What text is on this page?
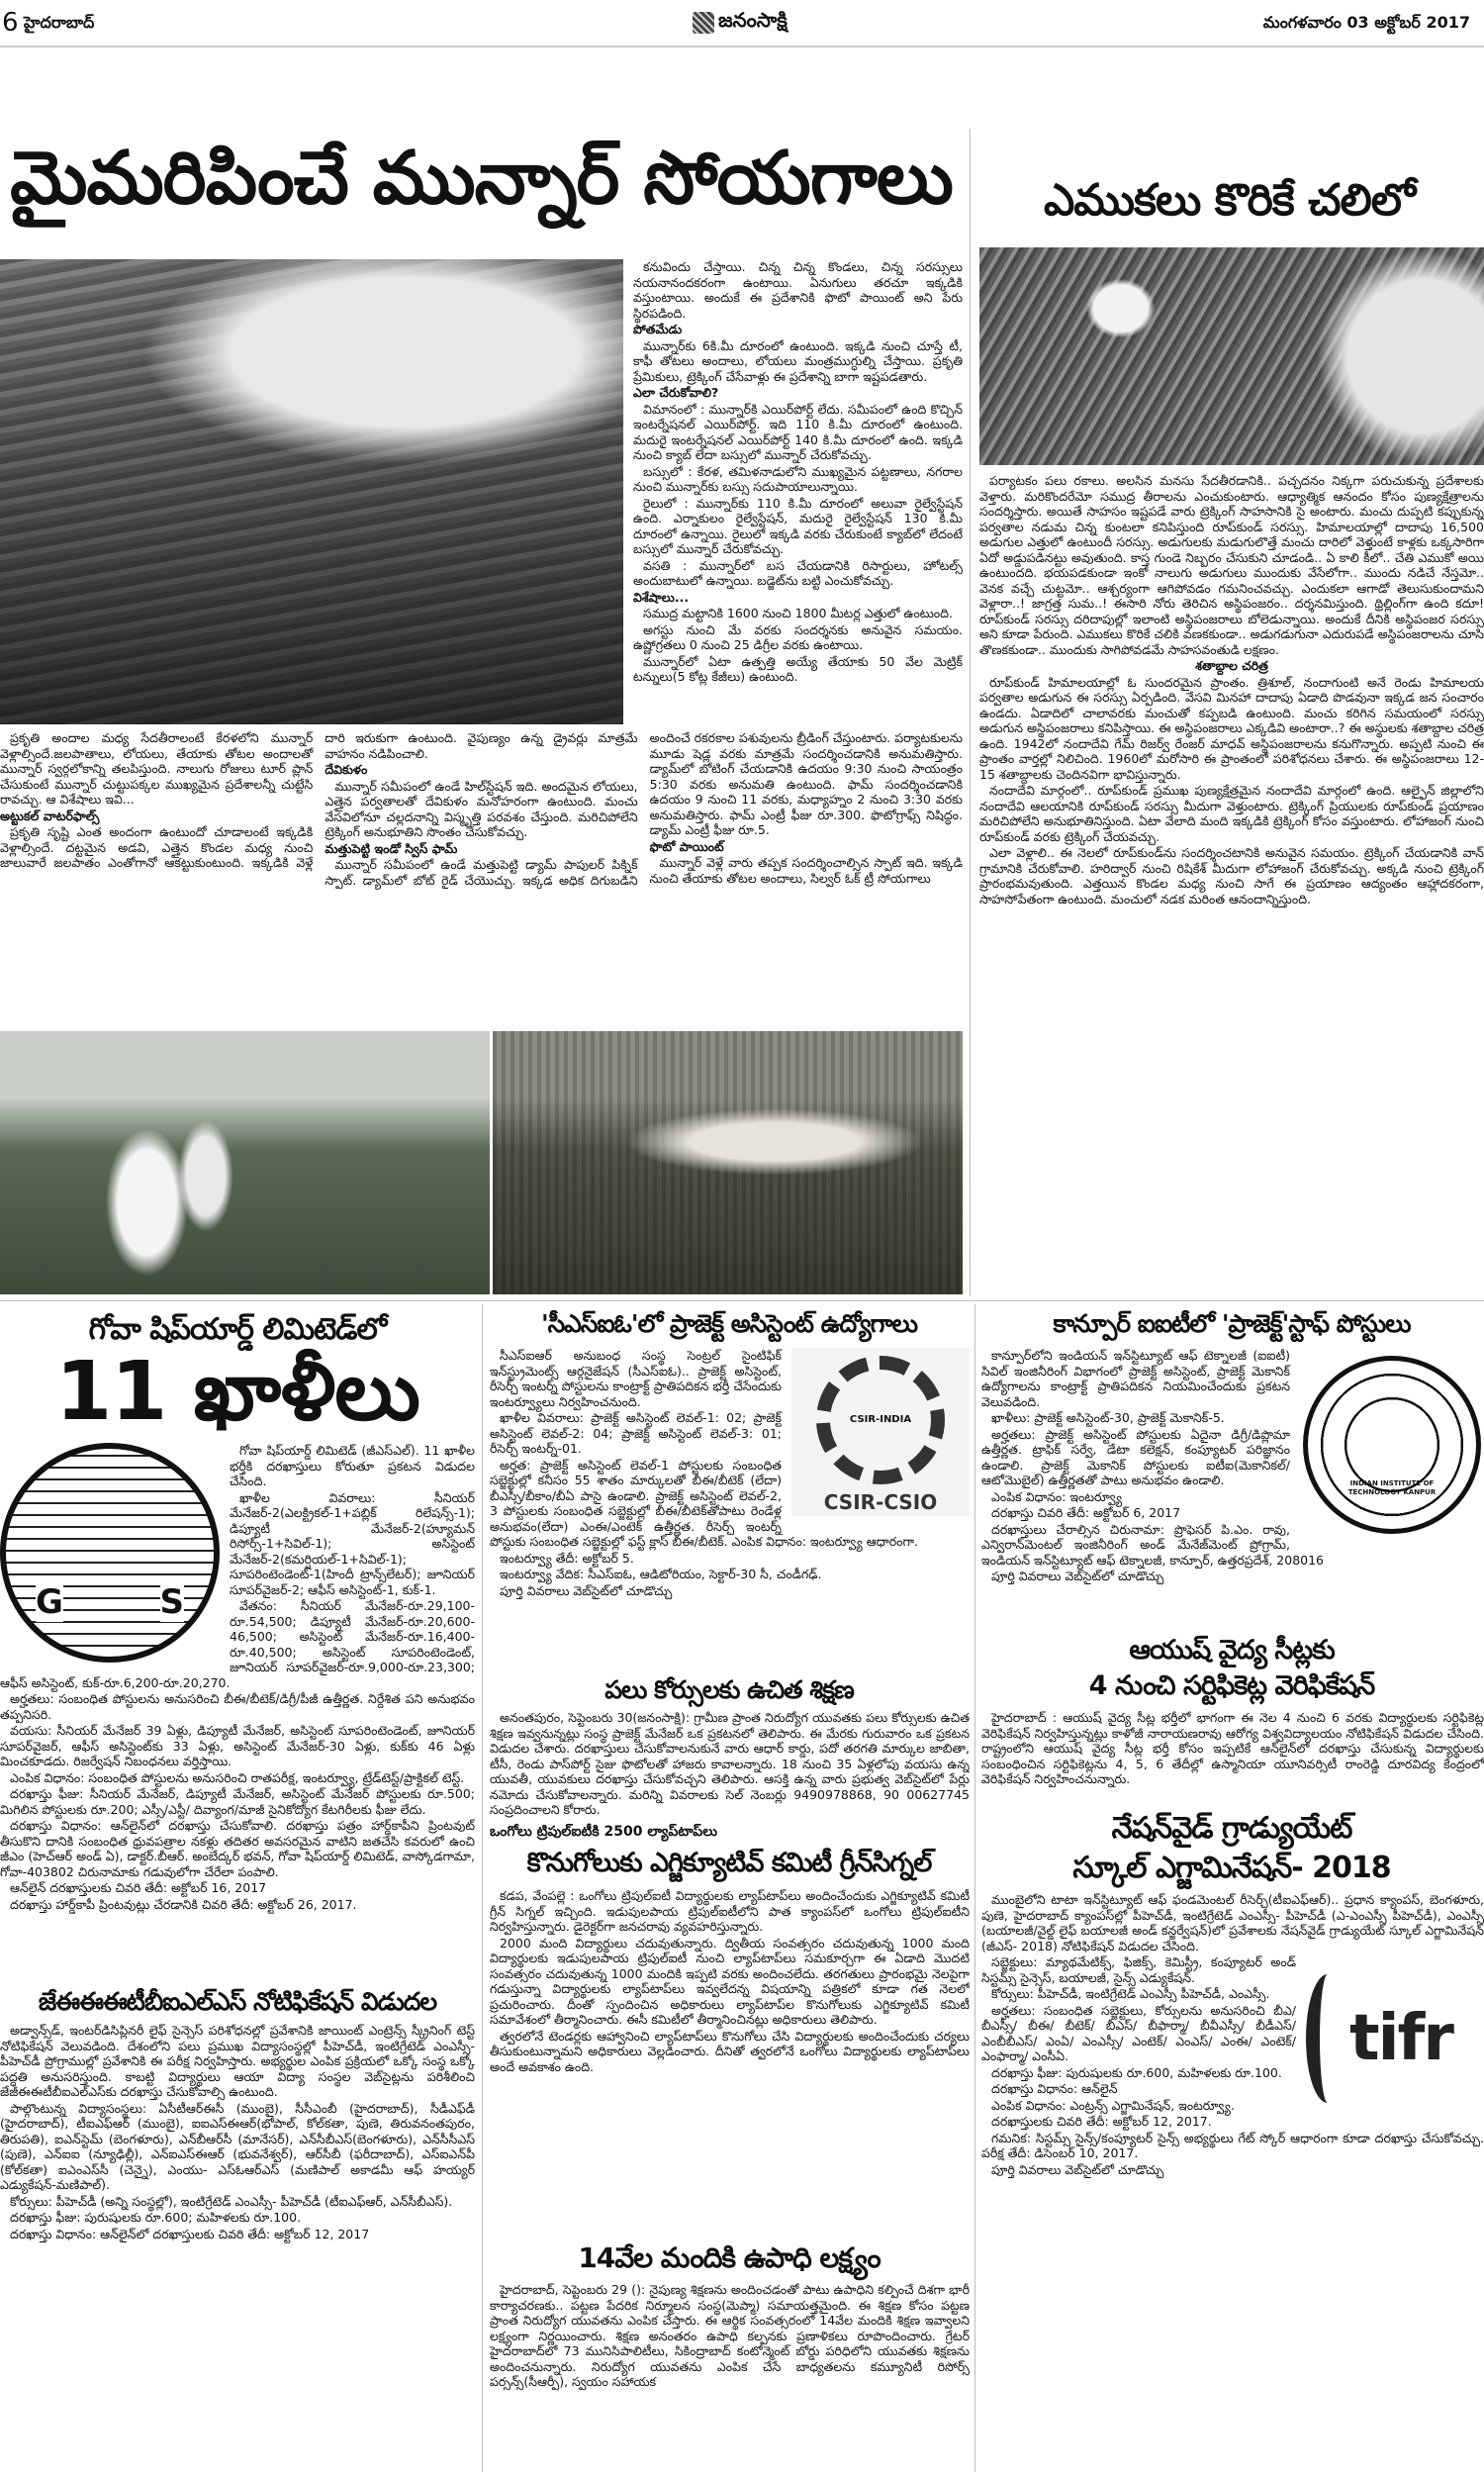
6 హైదరాబాద్	జనంసాక్షి	మంగళవారం 03 అక్టోబర్ 2017
మైమరిపించే మున్నార్ సోయగాలు

కనువిందు చేస్తాయి. చిన్న చిన్న కొండలు, చిన్న సరస్సులు నయనానందకరంగా ఉంటాయి. ఏనుగులు తరచూ ఇక్కడికి వస్తుంటాయి. అందుకే ఈ ప్రదేశానికి ఫొటో పాయింట్ అని పేరు స్థిరపడింది.

పోతమేడు

మున్నార్‌కు 6కి.మీ దూరంలో ఉంటుంది. ఇక్కడి నుంచి చూస్తే టీ, కాఫీ తోటలు అందాలు, లోయలు మంత్రముగ్ధుల్ని చేస్తాయి. ప్రకృతి ప్రేమికులు, ట్రెక్కింగ్ చేసేవాళ్లు ఈ ప్రదేశాన్ని బాగా ఇష్టపడతారు.

ఎలా చేరుకోవాలి?

విమానంలో : మున్నార్‌కి ఎయిర్‌పోర్ట్ లేదు. సమీపంలో ఉంది కొచ్చిన్ ఇంటర్నేషనల్ ఎయిర్‌పోర్ట్. ఇది 110 కి.మీ దూరంలో ఉంటుంది. మదురై ఇంటర్నేషనల్ ఎయిర్‌పోర్ట్ 140 కి.మీ దూరంలో ఉంది. ఇక్కడి నుంచి క్యాబ్ లేదా బస్సులో మున్నార్ చేరుకోవచ్చు.

బస్సులో : కేరళ, తమిళనాడులోని ముఖ్యమైన పట్టణాలు, నగరాల నుంచి మున్నార్‌కు బస్సు సదుపాయాలున్నాయి.

రైలులో : మున్నార్‌కు 110 కి.మీ దూరంలో అలువా రైల్వేస్టేషన్ ఉంది. ఎర్నాకులం రైల్వేస్టేషన్, మదురై రైల్వేస్టేషన్ 130 కి.మీ దూరంలో ఉన్నాయి. రైలులో ఇక్కడి వరకు చేరుకుంటే క్యాబ్‌లో లేదంటే బస్సులో మున్నార్ చేరుకోవచ్చు.

వసతి : మున్నార్‌లో బస చేయడానికి రిసార్టులు, హోటల్స్ అందుబాటులో ఉన్నాయి. బడ్జెట్‌ను బట్టి ఎంచుకోవచ్చు.

విశేషాలు...

సముద్ర మట్టానికి 1600 నుంచి 1800 మీటర్ల ఎత్తులో ఉంటుంది.

అగస్టు నుంచి మే వరకు సందర్శనకు అనువైన సమయం. ఉష్ణోగ్రతలు 0 నుంచి 25 డిగ్రీల వరకు ఉంటాయి.

మున్నార్‌లో ఏటా ఉత్పత్తి అయ్యే తేయాకు 50 వేల మెట్రిక్ టన్నులు(5 కోట్ల కేజీలు) ఉంటుంది.

ప్రకృతి అందాల మధ్య సేదతీరాలంటే కేరళలోని మున్నార్ వెళ్లాల్సిందే.జలపాతాలు, లోయలు, తేయాకు తోటల అందాలతో మున్నార్ స్వర్గలోకాన్ని తలపిస్తుంది. నాలుగు రోజులు టూర్ ప్లాన్ చేసుకుంటే మున్నార్ చుట్టుపక్కల ముఖ్యమైన ప్రదేశాలన్నీ చుట్టేసి రావచ్చు. ఆ విశేషాలు ఇవి...

అట్టుకల్ వాటర్‌ఫాల్స్

ప్రకృతి సృష్టి ఎంత అందంగా ఉంటుందో చూడాలంటే ఇక్కడికి వెళ్లాల్సిందే. దట్టమైన అడవి, ఎత్తైన కొండల మధ్య నుంచి జాలువారే జలపాతం ఎంతోగానో ఆకట్టుకుంటుంది. ఇక్కడికి వెళ్లే దారి ఇరుకుగా ఉంటుంది. వైపుణ్యం ఉన్న డ్రైవర్లు మాత్రమే వాహనం నడిపించాలి.

దేవికుళం

మున్నార్ సమీపంలో ఉండే హిల్‌స్టేషన్ ఇది. అందమైన లోయలు, ఎత్తైన పర్వతాలతో దేవికుళం మనోహరంగా ఉంటుంది. మంచు వేసవిలోనూ చల్లదనాన్ని విస్మృత్తి పరవశం చేస్తుంది. మరిచిపోలేని ట్రెక్కింగ్ అనుభూతిని సొంతం చేసుకోవచ్చు.

మత్తుపెట్టి ఇండో స్విస్ ఫామ్

మున్నార్ సమీపంలో ఉండే మత్తుపెట్టి డ్యామ్ పాపులర్ పిక్నిక్ స్పాట్. డ్యామ్‌లో బోట్ రైడ్ చేయొచ్చు. ఇక్కడ అధిక దిగుబడిని అందించే రకరకాల పశువులను బ్రీడింగ్ చేస్తుంటారు. పర్యాటకులను మూడు షెడ్ల వరకు మాత్రమే సందర్శించడానికి అనుమతిస్తారు. డ్యామ్‌లో బోటింగ్ చేయడానికి ఉదయం 9:30 నుంచి సాయంత్రం 5:30 వరకు అనుమతి ఉంటుంది. ఫామ్ సందర్శించడానికి ఉదయం 9 నుంచి 11 వరకు, మధ్యాహ్నం 2 నుంచి 3:30 వరకు అనుమతిస్తారు. ఫామ్ ఎంట్రీ ఫీజు రూ.300. ఫొటోగ్రాఫ్స్ నిషిద్ధం. డ్యామ్ ఎంట్రీ ఫీజు రూ.5.

ఫొటో పాయింట్

మున్నార్ వెళ్లే వారు తప్పక సందర్శించాల్సిన స్పాట్ ఇది. ఇక్కడి నుంచి తేయాకు తోటల అందాలు, సిల్వర్ ఓక్ ట్రీ సోయగాలు

ఎముకలు కొరికే చలిలో

పర్యాటకం పలు రకాలు. అలసిన మనసు సేదతీరడానికి.. పచ్చదనం నిక్కగా పరుచుకున్న ప్రదేశాలకు వెళ్తారు. మరికొందరేమో సముద్ర తీరాలను ఎంచుకుంటారు. ఆధ్యాత్మిక ఆనందం కోసం పుణ్యక్షేత్రాలను సందర్శిస్తారు. అయితే సాహసం ఇష్టపడే వారు ట్రెక్కింగ్ సాహసానికి సై అంటారు. మంచు దుప్పటి కప్పుకున్న పర్వతాల నడుమ చిన్న కుంటలా కనిపిస్తుంది రూప్‌కుండ్ సరస్సు. హిమాలయాల్లో దాదాపు 16,500 అడుగుల ఎత్తులో ఉంటుందీ సరస్సు. అడుగులకు మడుగులొత్తే మంచు దారిలో వెళ్తుంటే కాళ్లకు ఒక్కసారిగా ఏదో అడ్డుపడినట్టు అవుతుంది. కాస్త గుండె నిబ్బరం చేసుకుని చూడండి.. ఏ కాలి కీలో.. చేతి ఎముకో అయి ఉంటుందది. భయపడకుండా ఇంకో నాలుగు అడుగులు ముందుకు వేసేలోగా.. ముందు నడిచే నేస్తమో.. వెనక వచ్చే చుట్టమో.. ఆశ్చర్యంగా ఆగిపోవడం గమనించవచ్చు. ఎందుకలా ఆగాడో తెలుసుకుందామని వెళ్లారా..! జాగ్రత్త సుమ..! ఈసారి నోరు తెరిచిన అస్థిపంజరం.. దర్శనమిస్తుంది. థ్రిల్లింగ్‌గా ఉంది కదూ! రూప్‌కుండ్ సరస్సు దరిదాపుల్లో ఇలాంటి అస్థిపంజరాలు బోలెడున్నాయి. అందుకే దీనికి అస్థిపంజర సరస్సు అని కూడా పేరుంది. ఎముకలు కొరికే చలికి వణకకుండా.. అడుగడుగునా ఎదురుపడే అస్థిపంజరాలను చూసి తొణకకుండా.. ముందుకు సాగిపోవడమే సాహసవంతుడి లక్షణం.

శతాబ్దాల చరిత్ర

రూప్‌కుండ్ హిమాలయాల్లో ఓ సుందరమైన ప్రాంతం. త్రిశూల్, నందాగుంటి అనే రెండు హిమాలయ పర్వతాల అడుగున ఈ సరస్సు ఏర్పడింది. వేసవి మినహా దాదాపు ఏడాది పొడవునా ఇక్కడ జన సంచారం ఉండదు. ఏడాదిలో చాలావరకు మంచుతో కప్పబడి ఉంటుంది. మంచు కరిగిన సమయంలో సరస్సు అడుగున అస్థిపంజరాలు కనిపిస్తాయి. ఈ అస్థిపంజరాలు ఎక్కడివి అంటారా..? ఈ అస్థులకు శతాబ్దాల చరిత్ర ఉంది. 1942లో నందాదేవి గేమ్ రిజర్వ్ రేంజర్ మాధవ్ అస్థిపంజరాలను కనుగొన్నారు. అప్పటి నుంచి ఈ ప్రాంతం వార్తల్లో నిలిచింది. 1960లో మరోసారి ఈ ప్రాంతంలో పరిశోధనలు చేశారు. ఈ అస్థిపంజరాలు 12-15 శతాబ్దాలకు చెందినవిగా భావిస్తున్నారు.

నందాదేవి మార్గంలో.. రూప్‌కుండ్ ప్రముఖ పుణ్యక్షేత్రమైన నందాదేవి మార్గంలో ఉంది. ఆల్ఫైన్ జిల్లాలోని నందాదేవి ఆలయానికి రూప్‌కుండ్ సరస్సు మీదుగా వెళ్తుంటారు. ట్రెక్కింగ్ ప్రియులకు రూప్‌కుండ్ ప్రయాణం మరిచిపోలేని అనుభూతినిస్తుంది. ఏటా వేలాది మంది ఇక్కడికి ట్రెక్కింగ్ కోసం వస్తుంటారు. లోహాజంగ్ నుంచి రూప్‌కుండ్ వరకు ట్రెక్కింగ్ చేయవచ్చు.

ఎలా వెళ్లాలి.. ఈ నెలలో రూప్‌కుండ్‌ను సందర్శించటానికి అనువైన సమయం. ట్రెక్కింగ్ చేయడానికి వాన్ గ్రామానికి చేరుకోవాలి. హరిద్వార్ నుంచి రిషికేశ్ మీదుగా లోహాజంగ్ చేరుకోవచ్చు. అక్కడి నుంచి ట్రెక్కింగ్ ప్రారంభమవుతుంది. ఎత్తయిన కొండల మధ్య నుంచి సాగే ఈ ప్రయాణం ఆద్యంతం ఆహ్లాదకరంగా, సాహసోపేతంగా ఉంటుంది. మంచులో నడక మరింత ఆనందాన్నిస్తుంది.

గోవా షిప్‌యార్డ్ లిమిటెడ్‌లో
11 ఖాళీలు
G	S

గోవా షిప్‌యార్డ్ లిమిటెడ్ (జీఎస్ఎల్). 11 ఖాళీల భర్తీకి దరఖాస్తులు కోరుతూ ప్రకటన విడుదల చేసింది.

ఖాళీల వివరాలు: సీనియర్ మేనేజర్-2(ఎలక్ట్రికల్-1+పబ్లిక్ రిలేషన్స్-1); డిప్యూటీ మేనేజర్-2(హ్యూమన్ రిసోర్స్-1+సివిల్-1); అసిస్టెంట్ మేనేజర్-2(కమర్షియల్-1+సివిల్-1); సూపరింటెండెంట్-1(హిందీ ట్రాన్స్‌లేటర్); జూనియర్ సూపర్‌వైజర్-2; ఆఫీస్ అసిస్టెంట్-1, కుక్-1.

వేతనం: సీనియర్ మేనేజర్-రూ.29,100-రూ.54,500; డిప్యూటీ మేనేజర్-రూ.20,600-46,500; అసిస్టెంట్ మేనేజర్-రూ.16,400-రూ.40,500; అసిస్టెంట్ సూపరింటెండెంట్, జూనియర్ సూపర్‌వైజర్-రూ.9,000-రూ.23,300; ఆఫీస్ అసిస్టెంట్, కుక్-రూ.6,200-రూ.20,270.

అర్హతలు: సంబంధిత పోస్టులను అనుసరించి బీఈ/బీటెక్/డిగ్రీ/పీజీ ఉత్తీర్ణత. నిర్దేశిత పని అనుభవం తప్పనిసరి.

వయసు: సీనియర్ మేనేజర్ 39 ఏళ్లు, డిప్యూటీ మేనేజర్, అసిస్టెంట్ సూపరింటెండెంట్, జూనియర్ సూపర్‌వైజర్, ఆఫీస్ అసిస్టెంట్‌కు 33 ఏళ్లు, అసిస్టెంట్ మేనేజర్-30 ఏళ్లు, కుక్‌కు 46 ఏళ్లు మించకూడదు. రిజర్వేషన్ నిబంధనలు వర్తిస్తాయి.

ఎంపిక విధానం: సంబంధిత పోస్టులను అనుసరించి రాతపరీక్ష, ఇంటర్వ్యూ, ట్రేడ్‌టెస్ట్/ప్రాక్టికల్ టెస్ట్.

దరఖాస్తు ఫీజు: సీనియర్ మేనేజర్, డిప్యూటీ మేనేజర్, అసిస్టెంట్ మేనేజర్ పోస్టులకు రూ.500; మిగిలిన పోస్టులకు రూ.200; ఎస్సీ/ఎస్టీ/ దివ్యాంగ/మాజీ సైనికోద్యోగ కేటగిరీలకు ఫీజు లేదు.

దరఖాస్తు విధానం: ఆన్‌లైన్‌లో దరఖాస్తు చేసుకోవాలి. దరఖాస్తు పత్రం హార్డ్‌కాపీని ప్రింటవుట్ తీసుకొని దానికి సంబంధిత ధ్రువపత్రాల నకళ్లు తదితర అవసరమైన వాటిని జతచేసి కవరులో ఉంచి జీఎం (హెచ్ఆర్ అండ్ ఏ), డాక్టర్.బీఆర్. అంబేద్కర్ భవన్, గోవా షిప్‌యార్డ్ లిమిటెడ్, వాస్కోడగామా, గోవా-403802 చిరునామాకు గడువులోగా చేరేలా పంపాలి.

ఆన్‌లైన్ దరఖాస్తులకు చివరి తేదీ: అక్టోబర్ 16, 2017

దరఖాస్తు హార్డ్‌కాపీ ప్రింటవుట్లు చేరడానికి చివరి తేదీ: అక్టోబర్ 26, 2017.

జేఈఈఈటీబీఐఎల్ఎస్ నోటిఫికేషన్ విడుదల

అడ్వాన్స్‌డ్, ఇంటర్‌డిసిప్లినరీ లైఫ్ సైన్సెస్ పరిశోధనల్లో ప్రవేశానికి జాయింట్ ఎంట్రెన్స్ స్క్రీనింగ్ టెస్ట్ నోటిఫికేషన్ వెలువడింది. దేశంలోని పలు ప్రముఖ విద్యాసంస్థల్లో పీహెచ్‌డీ, ఇంటిగ్రేటెడ్ ఎంఎస్సీ-పీహెచ్‌డీ ప్రోగ్రాముల్లో ప్రవేశానికి ఈ పరీక్ష నిర్వహిస్తారు. అభ్యర్థుల ఎంపిక ప్రక్రియలో ఒక్కో సంస్థ ఒక్కో పద్ధతి అనుసరిస్తుంది. కాబట్టి విద్యార్థులు ఆయా విద్యా సంస్థల వెబ్‌సైట్లను పరిశీలించి జేజీఈఈటీబీఐఎల్ఎస్‌కు దరఖాస్తు చేసుకోవాల్సి ఉంటుంది.

పాల్గొంటున్న విద్యాసంస్థలు: ఏసీటీఆర్ఈసీ (ముంబై), సీసీఎంబీ (హైదరాబాద్), సీడీఎఫ్‌డీ (హైదరాబాద్), టీఐఎఫ్ఆర్ (ముంబై), ఐఐఎస్ఈఆర్(భోపాల్, కోల్‌కతా, పుణె, తిరువనంతపురం, తిరుపతి), ఐఎన్‌స్టెమ్ (బెంగళూరు), ఎన్‌బీఆర్‌సీ (మానేసర్), ఎన్‌సీబీఎస్(బెంగళూరు), ఎన్‌సీసీఎస్ (పుణె), ఎన్ఐఐ (న్యూఢిల్లీ), ఎన్ఐఎస్ఈఆర్ (భువనేశ్వర్), ఆర్‌సీబీ (ఫరీదాబాద్), ఎస్ఐఎన్‌పీ (కోల్‌కతా) ఐఎంఎస్‌సీ (చెన్నై), ఎంయు- ఎస్ఓఆర్ఎస్ (మణిపాల్ అకాడమీ ఆఫ్ హయ్యర్ ఎడ్యుకేషన్-మణిపాల్).

కోర్సులు: పీహెచ్‌డీ (అన్ని సంస్థల్లో), ఇంటిగ్రేటెడ్ ఎంఎస్సీ- పీహెచ్‌డీ (టీఐఎఫ్ఆర్, ఎన్‌సీబీఎస్).

దరఖాస్తు ఫీజు: పురుషులకు రూ.600; మహిళలకు రూ.100.

దరఖాస్తు విధానం: ఆన్‌లైన్‌లో దరఖాస్తులకు చివరి తేదీ: అక్టోబర్ 12, 2017

'సీఎస్ఐఓ'లో ప్రాజెక్ట్ అసిస్టెంట్ ఉద్యోగాలు
CSIR-INDIA
CSIR-CSIO

సీఎస్ఐఆర్ అనుబంధ సంస్థ సెంట్రల్ సైంటిఫిక్ ఇన్‌స్ట్రుమెంట్స్ ఆర్గనైజేషన్ (సీఎస్ఐఓ).. ప్రాజెక్ట్ అసిస్టెంట్, రీసెర్చ్ ఇంటర్న్ పోస్టులను కాంట్రాక్ట్ ప్రాతిపదికన భర్తీ చేసేందుకు ఇంటర్వ్యూలు నిర్వహించనుంది.

ఖాళీల వివరాలు: ప్రాజెక్ట్ అసిస్టెంట్ లెవల్-1: 02; ప్రాజెక్ట్ అసిస్టెంట్ లెవల్-2: 04; ప్రాజెక్ట్ అసిస్టెంట్ లెవల్-3: 01; రీసెర్చ్ ఇంటర్న్-01.

అర్హత: ప్రాజెక్ట్ అసిస్టెంట్ లెవల్-1 పోస్టులకు సంబంధిత సబ్జెక్టుల్లో కనీసం 55 శాతం మార్కులతో బీఈ/బీటెక్ (లేదా) బీఎస్సీ/బీకాం/బీఏ పాసై ఉండాలి. ప్రాజెక్ట్ అసిస్టెంట్ లెవల్-2, 3 పోస్టులకు సంబంధిత సబ్జెక్టుల్లో బీఈ/బీటెక్‌తోపాటు రెండేళ్ల అనుభవం(లేదా) ఎంఈ/ఎంటెక్ ఉత్తీర్ణత. రీసెర్చ్ ఇంటర్న్ పోస్టుకు సంబంధిత సబ్జెక్టుల్లో ఫస్ట్ క్లాస్ బీఈ/బీటెక్. ఎంపిక విధానం: ఇంటర్వ్యూ ఆధారంగా.

ఇంటర్వ్యూ తేదీ: అక్టోబర్ 5.

ఇంటర్వ్యూ వేదిక: సీఎస్ఐఓ, ఆడిటోరియం, సెక్టార్-30 సీ, చండీగఢ్.

పూర్తి వివరాలు వెబ్‌సైట్‌లో చూడొచ్చు

పలు కోర్సులకు ఉచిత శిక్షణ

అనంతపురం, సెప్టెంబరు 30(జనంసాక్షి): గ్రామీణ ప్రాంత నిరుద్యోగ యువతకు పలు కోర్సులకు ఉచిత శిక్షణ ఇవ్వనున్నట్లు సంస్థ ప్రాజెక్ట్ మేనేజర్ ఒక ప్రకటనలో తెలిపారు. ఈ మేరకు గురువారం ఒక ప్రకటన విడుదల చేశారు. దరఖాస్తులు చేసుకోవాలనుకునే వారు ఆధార్ కార్డు, పదో తరగతి మార్కుల జాబితా, టీసీ, రెండు పాస్‌పోర్ట్ సైజు ఫొటోలతో హాజరు కావాలన్నారు. 18 నుంచి 35 ఏళ్లలోపు వయసు ఉన్న యువతీ, యువకులు దరఖాస్తు చేసుకోవచ్చని తెలిపారు. ఆసక్తి ఉన్న వారు ప్రభుత్వ వెబ్‌సైట్‌లో పేర్లు నమోదు చేసుకోవాలన్నారు. మరిన్ని వివరాలకు సెల్ నెంబర్లు 9490978868, 90 00627745 సంప్రదించాలని కోరారు.

ఒంగోలు ట్రిపుల్‌ఐటీకి 2500 ల్యాప్‌టాప్‌లు
కొనుగోలుకు ఎగ్జిక్యూటివ్ కమిటీ గ్రీన్‌సిగ్నల్

కడప, వేంపల్లె : ఒంగోలు ట్రిపుల్‌ఐటీ విద్యార్థులకు ల్యాప్‌టాప్‌లు అందించేందుకు ఎగ్జిక్యూటివ్ కమిటీ గ్రీన్ సిగ్నల్ ఇచ్చింది. ఇడుపులపాయ ట్రిపుల్‌ఐటీలోని పాత క్యాంపస్‌లో ఒంగోలు ట్రిపుల్‌ఐటీని నిర్వహిస్తున్నారు. డైరెక్టర్‌గా జనచరావు వ్యవహరిస్తున్నారు.

2000 మంది విద్యార్థులు చదువుతున్నారు. ద్వితీయ సంవత్సరం చదువుతున్న 1000 మంది విద్యార్థులకు ఇడుపులపాయ ట్రిపుల్‌ఐటీ నుంచి ల్యాప్‌టాప్‌లు సమకూర్చగా ఈ ఏడాది మొదటి సంవత్సరం చదువుతున్న 1000 మందికి ఇప్పటి వరకు అందించలేదు. తరగతులు ప్రారంభమై నెలపైగా గడుస్తున్నా విద్యార్థులకు ల్యాప్‌టాప్‌లు ఇవ్వలేదన్న విషయాన్ని పత్రికలో కూడా గత నెలలో ప్రచురించారు. దీంతో స్పందించిన అధికారులు ల్యాప్‌టాప్‌ల కొనుగోలుకు ఎగ్జిక్యూటివ్ కమిటీ సమావేశంలో తీర్మానించారు. ఈసీ కమిటీలో తీర్మానించినట్లు అధికారులు తెలిపారు.

త్వరలోనే టెండర్లకు ఆహ్వానించి ల్యాప్‌టాప్‌లు కొనుగోలు చేసి విద్యార్థులకు అందించేందుకు చర్యలు తీసుకుంటున్నామని అధికారులు వెల్లడించారు. దీనితో త్వరలోనే ఒంగోలు విద్యార్థులకు ల్యాప్‌టాప్‌లు అందే అవకాశం ఉంది.

14వేల మందికి ఉపాధి లక్ష్యం

హైదరాబాద్, సెప్టెంబరు 29 (): నైపుణ్య శిక్షణను అందించడంతో పాటు ఉపాధిని కల్పించే దిశగా భారీ కార్యాచరణకు.. పట్టణ పేదరిక నిర్మూలన సంస్థ(మెప్మా) సమాయత్తమైంది. ఈ శిక్షణ కోసం పట్టణ ప్రాంత నిరుద్యోగ యువతను ఎంపిక చేస్తారు. ఈ ఆర్థిక సంవత్సరంలో 14వేల మందికి శిక్షణ ఇవ్వాలని లక్ష్యంగా నిర్ణయించారు. శిక్షణ అనంతరం ఉపాధి కల్పనకు ప్రణాళికలు రూపొందించారు. గ్రేటర్ హైదరాబాద్‌లో 73 మునిసిపాలిటీలు, సికింద్రాబాద్ కంటోన్మెంట్ బోర్డు పరిధిలోని యువతకు శిక్షణను అందించనున్నారు. నిరుద్యోగ యువతను ఎంపిక చేసే బాధ్యతలను కమ్యూనిటీ రిసోర్స్ పర్సన్స్(సీఆర్పీ), స్వయం సహాయక

కాన్పూర్ ఐఐటీలో 'ప్రాజెక్ట్'స్టాఫ్ పోస్టులు
INDIAN INSTITUTE OF TECHNOLOGY KANPUR

కాన్పూర్‌లోని ఇండియన్ ఇన్‌స్టిట్యూట్ ఆఫ్ టెక్నాలజీ (ఐఐటీ) సివిల్ ఇంజినీరింగ్ విభాగంలో ప్రాజెక్ట్ అసిస్టెంట్, ప్రాజెక్ట్ మెకానిక్ ఉద్యోగాలను కాంట్రాక్ట్ ప్రాతిపదికన నియమించేందుకు ప్రకటన వెలువడింది.

ఖాళీలు: ప్రాజెక్ట్ అసిస్టెంట్-30, ప్రాజెక్ట్ మెకానిక్-5.

అర్హతలు: ప్రాజెక్ట్ అసిస్టెంట్ పోస్టులకు ఏదైనా డిగ్రీ/డిప్లొమా ఉత్తీర్ణత. ట్రాఫిక్ సర్వే, డేటా కలెక్షన్, కంప్యూటర్ పరిజ్ఞానం ఉండాలి. ప్రాజెక్ట్ మెకానిక్ పోస్టులకు ఐటీఐ(మెకానికల్/ఆటోమొబైల్) ఉత్తీర్ణతతో పాటు అనుభవం ఉండాలి.

ఎంపిక విధానం: ఇంటర్వ్యూ

దరఖాస్తు చివరి తేదీ: అక్టోబర్ 6, 2017

దరఖాస్తులు చేరాల్సిన చిరునామా: ప్రొఫెసర్ పి.ఎం. రావు, ఎన్విరాన్‌మెంటల్ ఇంజినీరింగ్ అండ్ మేనేజ్‌మెంట్ ప్రోగ్రామ్, ఇండియన్ ఇన్‌స్టిట్యూట్ ఆఫ్ టెక్నాలజీ, కాన్పూర్, ఉత్తరప్రదేశ్, 208016

పూర్తి వివరాలు వెబ్‌సైట్‌లో చూడొచ్చు

ఆయుష్ వైద్య సీట్లకు
4 నుంచి సర్టిఫికెట్ల వెరిఫికేషన్

హైదరాబాద్ : ఆయుష్ వైద్య సీట్ల భర్తీలో భాగంగా ఈ నెల 4 నుంచి 6 వరకు విద్యార్థులకు సర్టిఫికెట్ల వెరిఫికేషన్ నిర్వహిస్తున్నట్లు కాళోజీ నారాయణరావు ఆరోగ్య విశ్వవిద్యాలయం నోటిఫికేషన్ విడుదల చేసింది. రాష్ట్రంలోని ఆయుష్ వైద్య సీట్ల భర్తీ కోసం ఇప్పటికే ఆన్‌లైన్‌లో దరఖాస్తు చేసుకున్న విద్యార్థులకు సంబంధించిన సర్టిఫికెట్లను 4, 5, 6 తేదీల్లో ఉస్మానియా యూనివర్సిటీ రాంరెడ్డి దూరవిద్య కేంద్రంలో వెరిఫికేషన్ నిర్వహించనున్నారు.

నేషన్‌వైడ్ గ్రాడ్యుయేట్
స్కూల్ ఎగ్జామినేషన్- 2018

ముంబైలోని టాటా ఇన్‌స్టిట్యూట్ ఆఫ్ ఫండమెంటల్ రీసెర్చ్(టీఐఎఫ్ఆర్).. ప్రధాన క్యాంపస్, బెంగళూరు, పుణె, హైదరాబాద్ క్యాంపస్‌ల్లో పీహెచ్‌డీ, ఇంటిగ్రేటెడ్ ఎంఎస్సీ- పీహెచ్‌డీ (ఎ-ఎంఎస్సీ పీహెచ్‌డీ), ఎంఎస్సీ (బయాలజీ/వైల్డ్ లైఫ్ బయాలజీ అండ్ కన్జర్వేషన్)లో ప్రవేశాలకు నేషన్‌వైడ్ గ్రాడ్యుయేట్ స్కూల్ ఎగ్జామినేషన్ (జీఎస్- 2018) నోటిఫికేషన్ విడుదల చేసింది.

tifr

సబ్జెక్టులు: మ్యాథమేటిక్స్, ఫిజిక్స్, కెమిస్ట్రీ, కంప్యూటర్ అండ్ సిస్టమ్స్ సైన్సెస్, బయాలజీ, సైన్స్ ఎడ్యుకేషన్.

కోర్సులు: పీహెచ్‌డీ, ఇంటిగ్రేటెడ్ ఎంఎస్సీ పీహెచ్‌డీ, ఎంఎస్సీ.

అర్హతలు: సంబంధిత సబ్జెక్టులు, కోర్సులను అనుసరించి బీఎ/ బీఎస్సీ/ బీఈ/ బీటెక్/ బీఎస్/ బీఫార్మా/ బీవీఎస్సీ/ బీడీఎస్/ ఎంబీబీఎస్/ ఎంఏ/ ఎంఎస్సీ/ ఎంటెక్/ ఎంఎస్/ ఎంఈ/ ఎంటెక్/ ఎంఫార్మా/ ఎంసీఏ.

దరఖాస్తు ఫీజు: పురుషులకు రూ.600, మహిళలకు రూ.100.

దరఖాస్తు విధానం: ఆన్‌లైన్

ఎంపిక విధానం: ఎంట్రన్స్ ఎగ్జామినేషన్, ఇంటర్వ్యూ.

దరఖాస్తులకు చివరి తేదీ: అక్టోబర్ 12, 2017.

గమనిక: సిస్టమ్స్ సైన్స్/కంప్యూటర్ సైన్స్ అభ్యర్థులు గేట్ స్కోర్ ఆధారంగా కూడా దరఖాస్తు చేసుకోవచ్చు. పరీక్ష తేదీ: డిసెంబర్ 10, 2017.

పూర్తి వివరాలు వెబ్‌సైట్‌లో చూడొచ్చు
